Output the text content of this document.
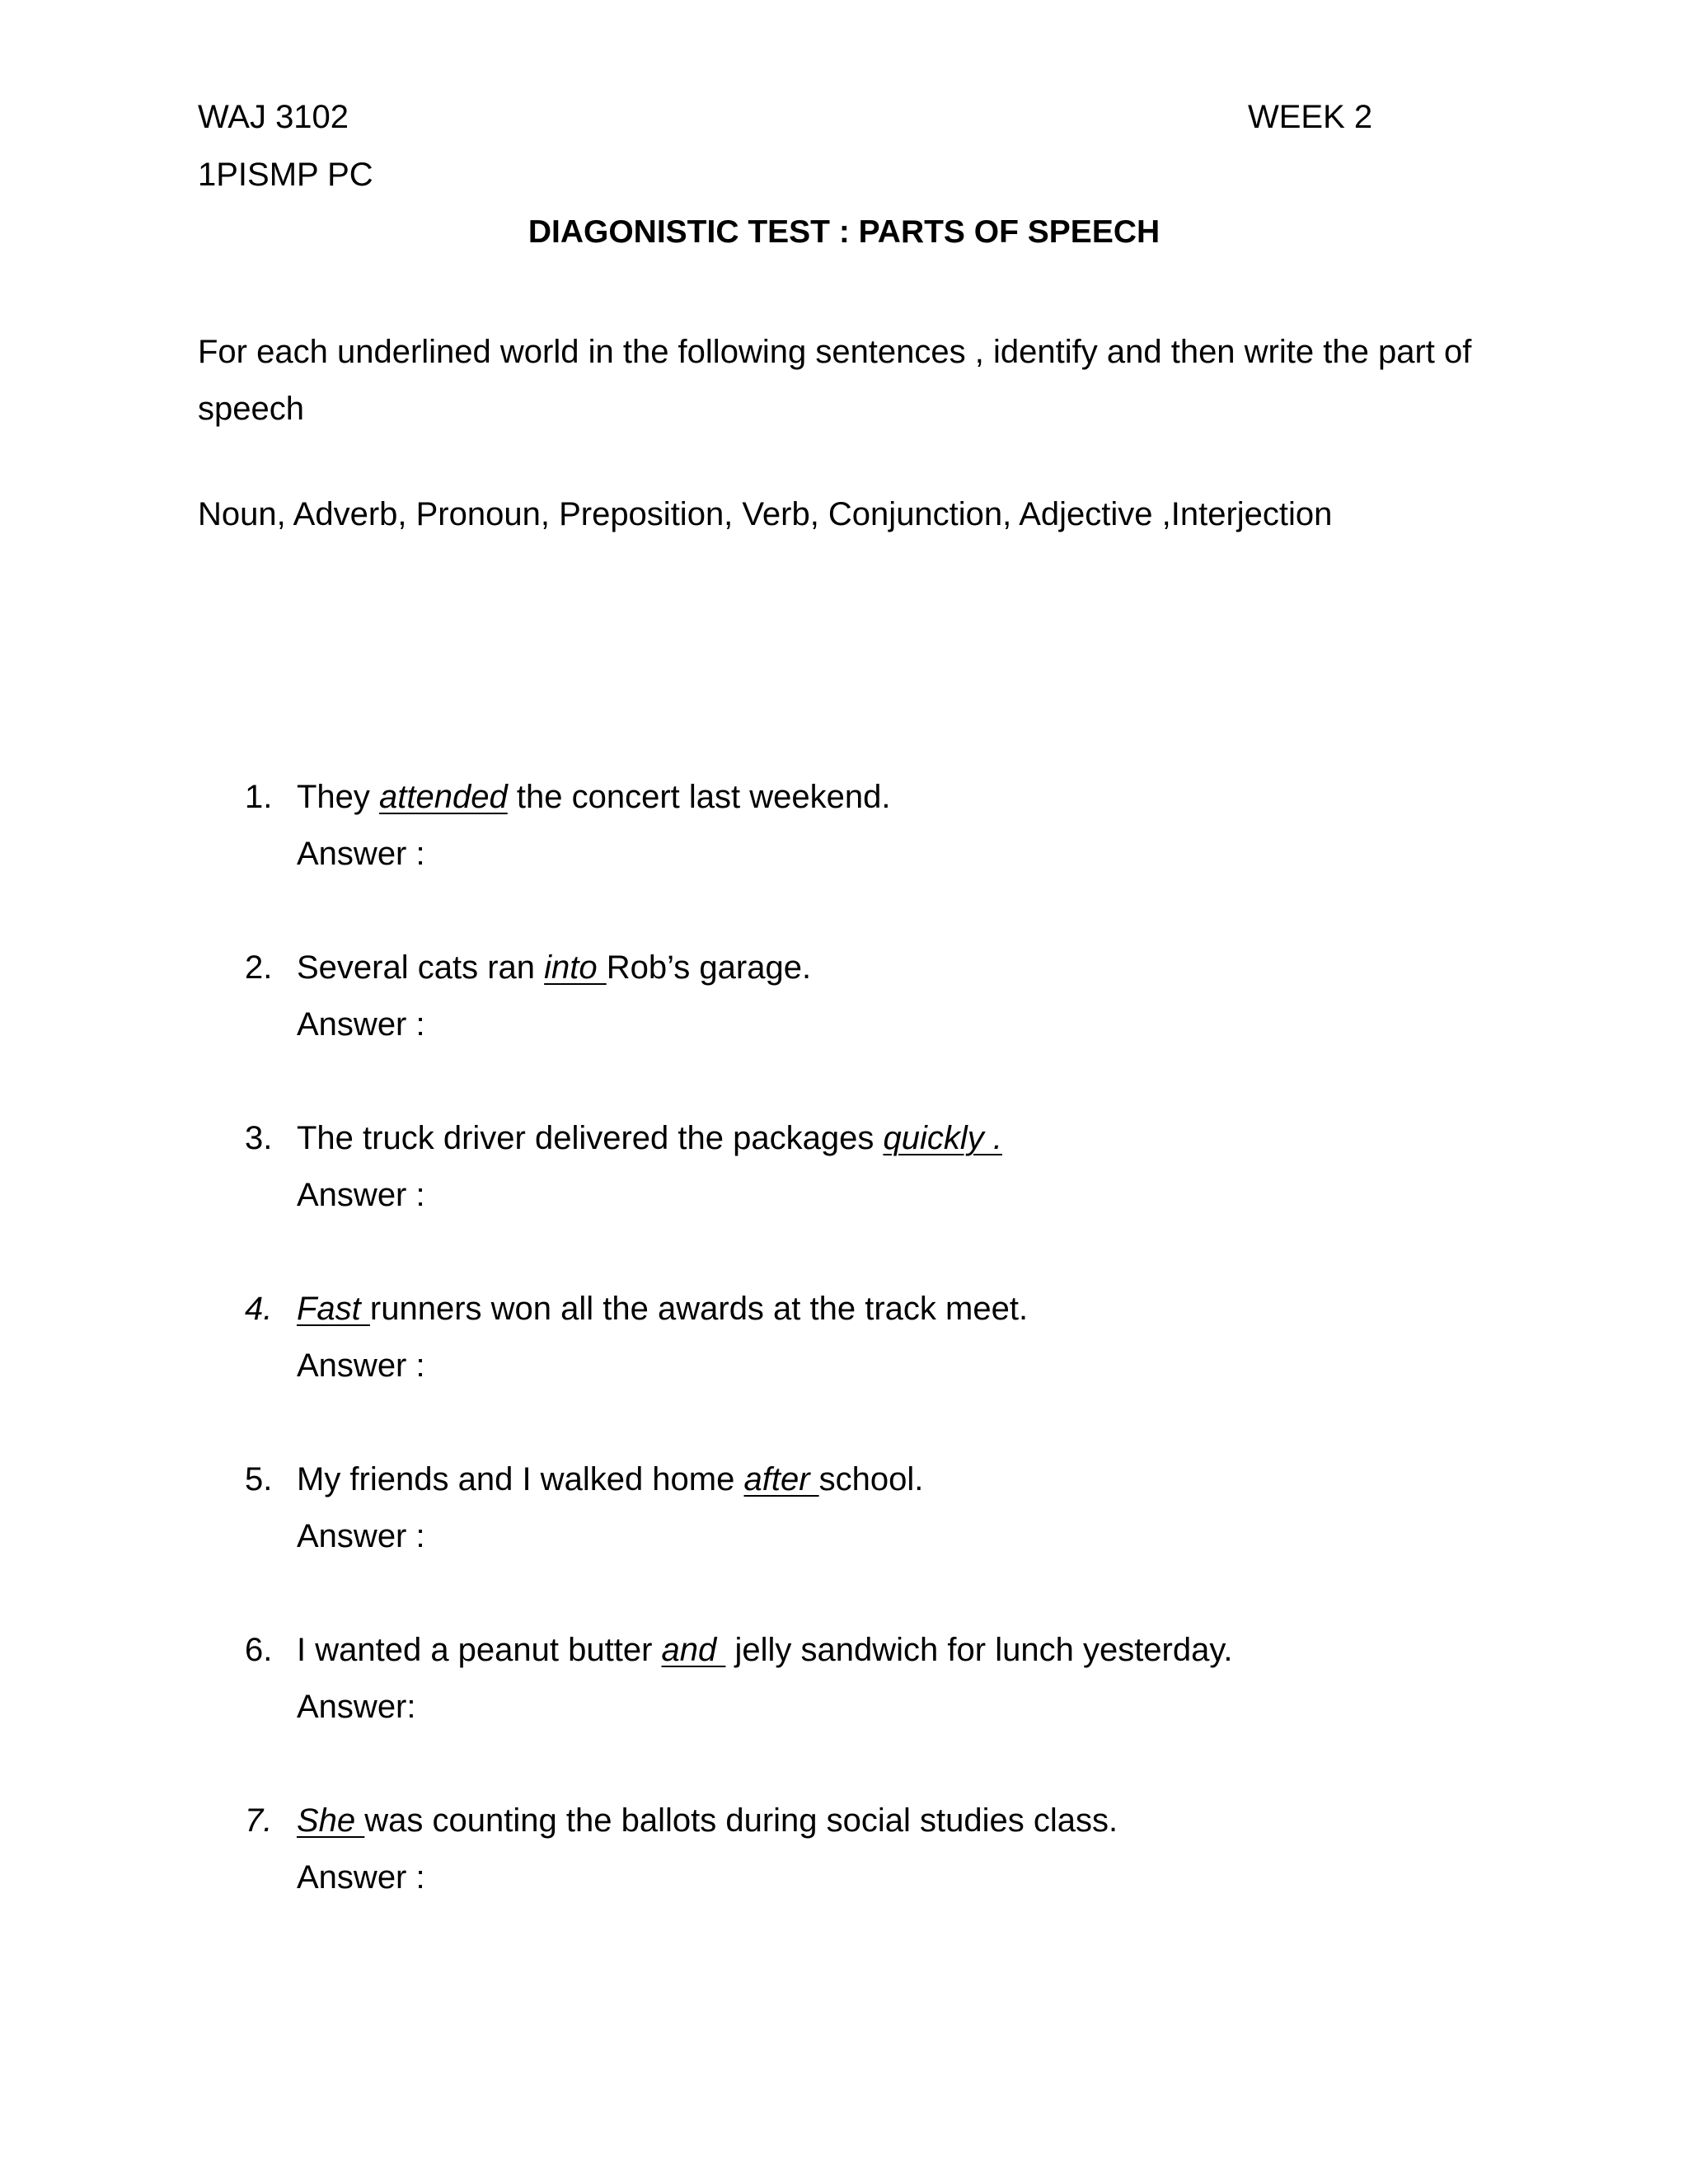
WAJ 3102	WEEK 2
1PISMP PC
DIAGONISTIC TEST : PARTS OF SPEECH
For each underlined world in the following sentences , identify and then write the part of speech
Noun, Adverb, Pronoun, Preposition, Verb, Conjunction, Adjective ,Interjection
1. They attended the concert last weekend.
Answer :
2. Several cats ran into Rob’s garage.
Answer :
3. The truck driver delivered the packages quickly .
Answer :
4. Fast runners won all the awards at the track meet.
Answer :
5. My friends and I walked home after school.
Answer :
6. I wanted a peanut butter and  jelly sandwich for lunch yesterday.
Answer:
7. She was counting the ballots during social studies class.
Answer :
